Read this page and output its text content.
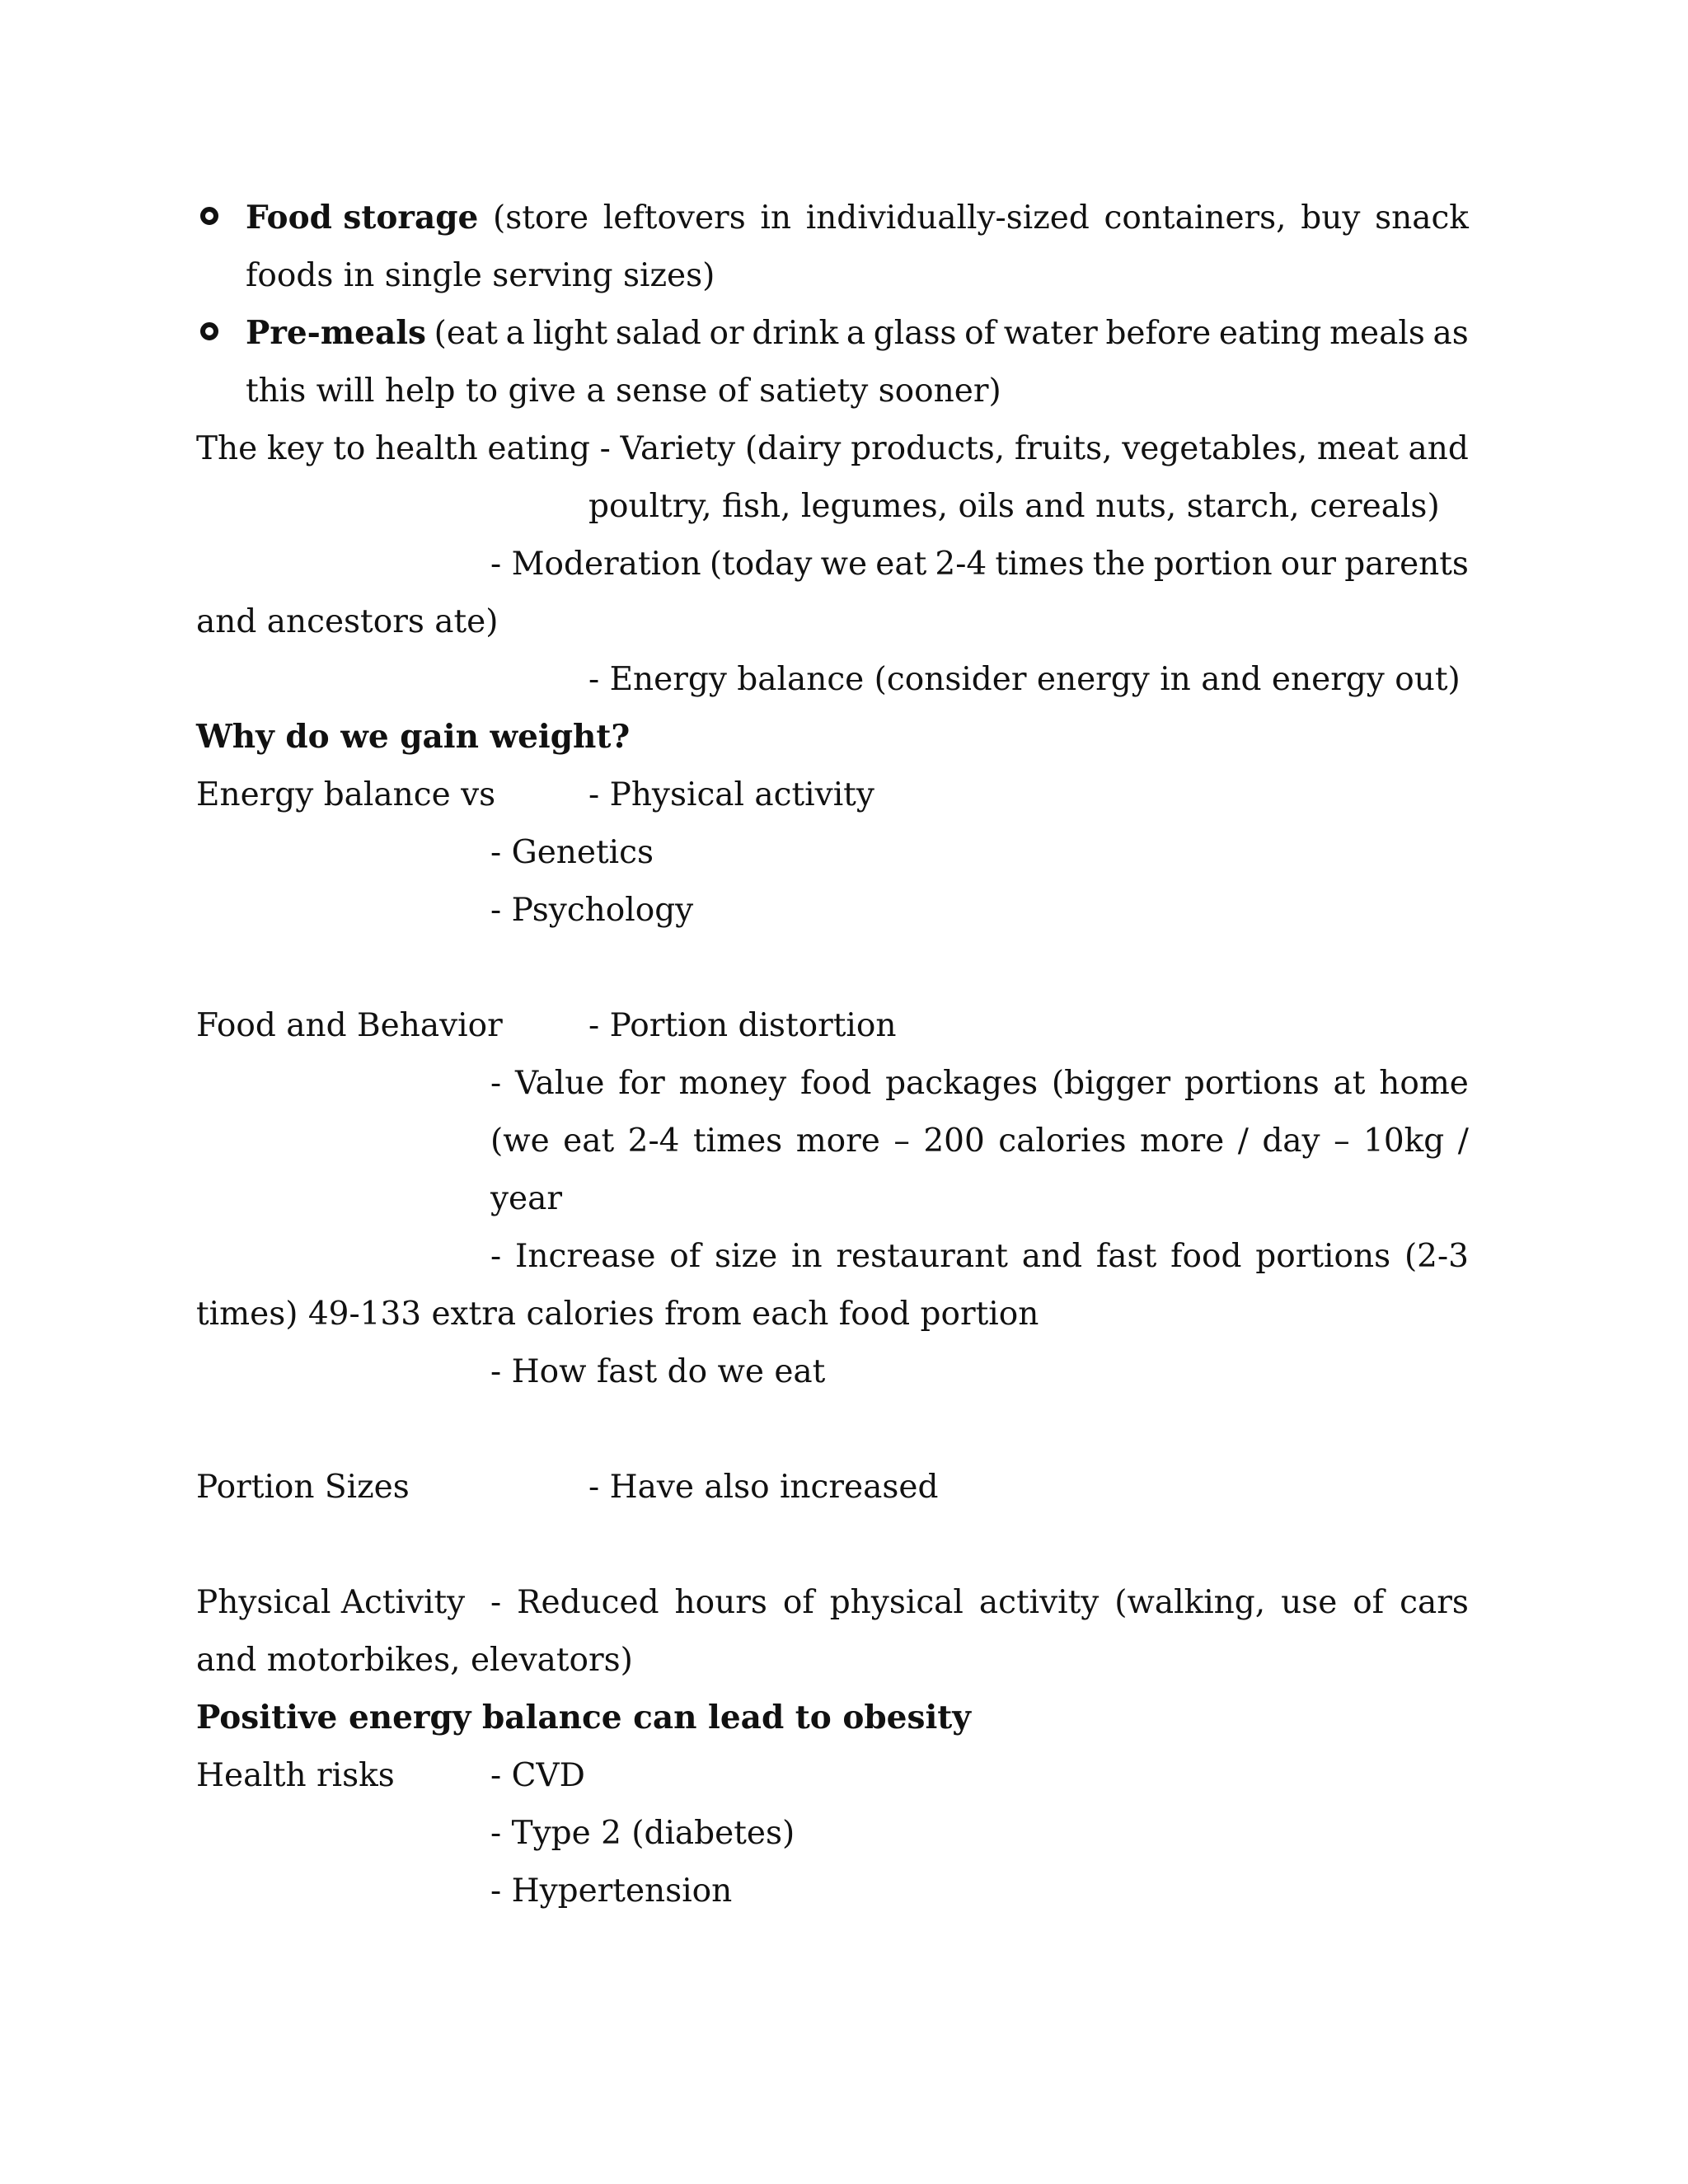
Food storage (store leftovers in individually-sized containers, buy snack
foods in single serving sizes)
Pre-meals (eat a light salad or drink a glass of water before eating meals as
this will help to give a sense of satiety sooner)
The key to health eating - Variety (dairy products, fruits, vegetables, meat and
poultry, fish, legumes, oils and nuts, starch, cereals)
- Moderation (today we eat 2-4 times the portion our parents
and ancestors ate)
- Energy balance (consider energy in and energy out)
Why do we gain weight?
Energy balance vs	- Physical activity
- Genetics
- Psychology
Food and Behavior	- Portion distortion
- Value for money food packages (bigger portions at home
(we eat 2-4 times more – 200 calories more / day – 10kg /
year
- Increase of size in restaurant and fast food portions (2-3
times) 49-133 extra calories from each food portion
- How fast do we eat
Portion Sizes	- Have also increased
Physical Activity - Reduced hours of physical activity (walking, use of cars
and motorbikes, elevators)
Positive energy balance can lead to obesity
Health risks	- CVD
- Type 2 (diabetes)
- Hypertension
